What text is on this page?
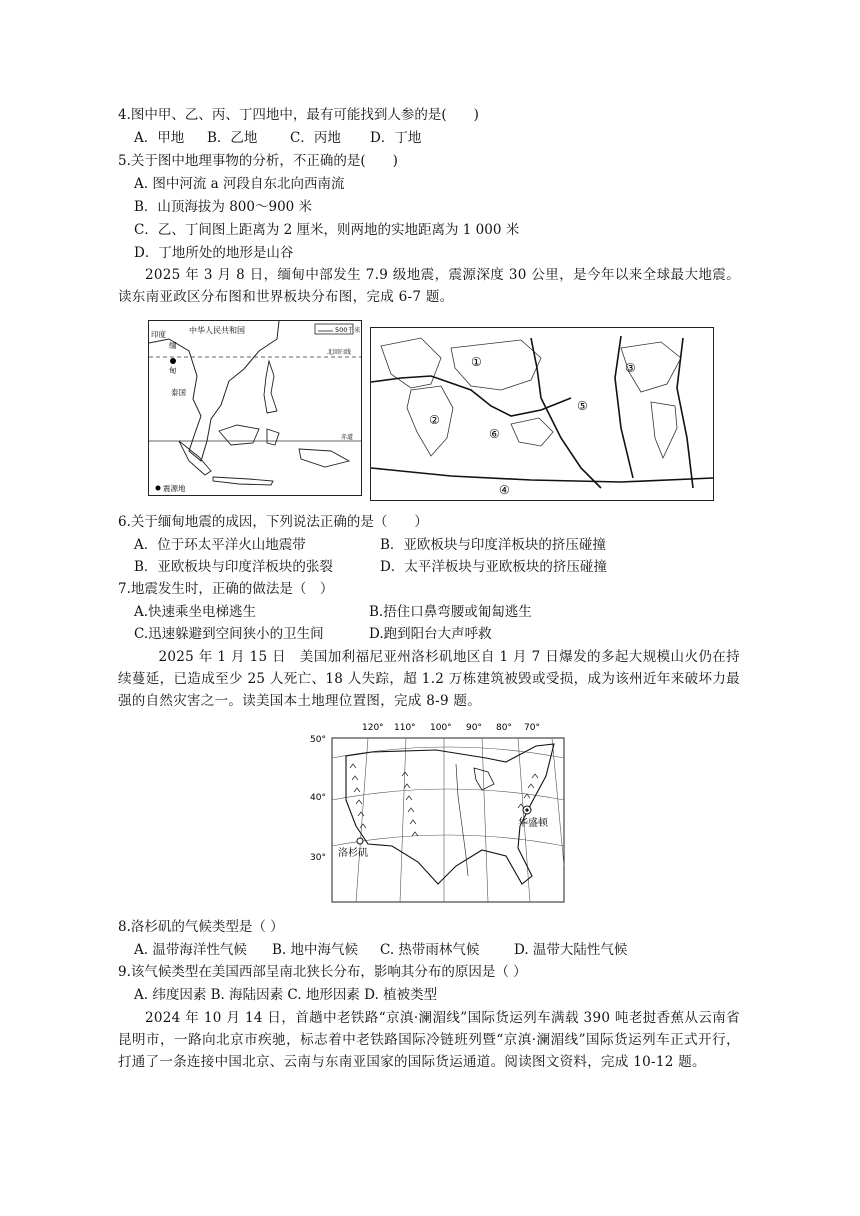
4.图中甲、乙、丙、丁四地中，最有可能找到人参的是(　　)
A．甲地 B．乙地 C．丙地 D．丁地
5.关于图中地理事物的分析，不正确的是(　　)
A. 图中河流 a 河段自东北向西南流
B．山顶海拔为 800～900 米
C．乙、丁间图上距离为 2 厘米，则两地的实地距离为 1 000 米
D．丁地所处的地形是山谷
2025 年 3 月 8 日，缅甸中部发生 7.9 级地震，震源深度 30 公里，是今年以来全球最大地震。读东南亚政区分布图和世界板块分布图，完成 6-7 题。
500千米
印度	中华人民共和国
缅
甸
泰国
北回归线
赤道
震源地
①
②
③
④
⑤
⑥
6.关于缅甸地震的成因，下列说法正确的是（　　）
A．位于环太平洋火山地震带	B．亚欧板块与印度洋板块的挤压碰撞
B．亚欧板块与印度洋板块的张裂	D．太平洋板块与亚欧板块的挤压碰撞
7.地震发生时，正确的做法是（　）
A.快速乘坐电梯逃生	B.捂住口鼻弯腰或匍匐逃生
C.迅速躲避到空间狭小的卫生间	D.跑到阳台大声呼救
2025 年 1 月 15 日　美国加利福尼亚州洛杉矶地区自 1 月 7 日爆发的多起大规模山火仍在持续蔓延，已造成至少 25 人死亡、18 人失踪，超 1.2 万栋建筑被毁或受损，成为该州近年来破坏力最强的自然灾害之一。读美国本土地理位置图，完成 8-9 题。
华盛顿
洛杉矶
120° 110° 100° 90° 80° 70°
50°
40°
30°
8.洛杉矶的气候类型是（ ）
A. 温带海洋性气候 B. 地中海气候 C. 热带雨林气候	D. 温带大陆性气候
9.该气候类型在美国西部呈南北狭长分布，影响其分布的原因是（ ）
A. 纬度因素 B. 海陆因素 C. 地形因素 D. 植被类型
2024 年 10 月 14 日，首趟中老铁路“京滇·澜湄线”国际货运列车满载 390 吨老挝香蕉从云南省昆明市，一路向北京市疾驰，标志着中老铁路国际冷链班列暨“京滇·澜湄线”国际货运列车正式开行，打通了一条连接中国北京、云南与东南亚国家的国际货运通道。阅读图文资料，完成 10-12 题。
